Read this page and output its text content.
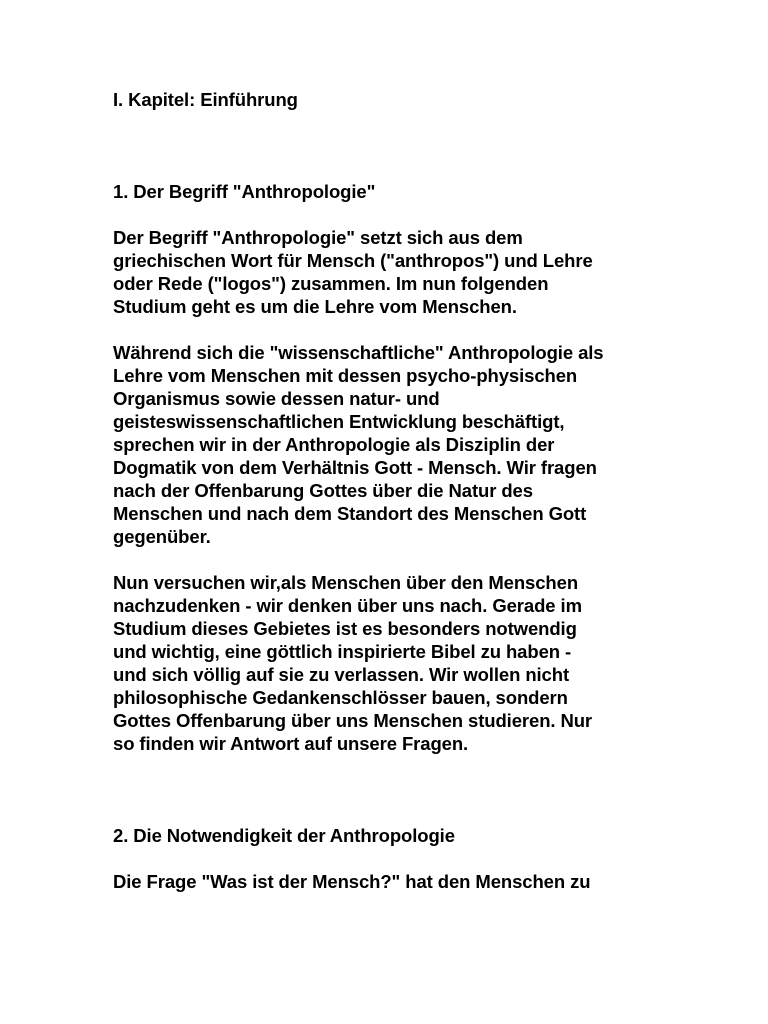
I. Kapitel: Einführung
1. Der Begriff "Anthropologie"
Der Begriff "Anthropologie" setzt sich aus dem
griechischen Wort für Mensch ("anthropos") und Lehre
oder Rede ("logos") zusammen. Im nun folgenden
Studium geht es um die Lehre vom Menschen.
Während sich die "wissenschaftliche" Anthropologie als
Lehre vom Menschen mit dessen psycho-physischen
Organismus sowie dessen natur- und
geisteswissenschaftlichen Entwicklung beschäftigt,
sprechen wir in der Anthropologie als Disziplin der
Dogmatik von dem Verhältnis Gott - Mensch. Wir fragen
nach der Offenbarung Gottes über die Natur des
Menschen und nach dem Standort des Menschen Gott
gegenüber.
Nun versuchen wir,als Menschen über den Menschen
nachzudenken - wir denken über uns nach. Gerade im
Studium dieses Gebietes ist es besonders notwendig
und wichtig, eine göttlich inspirierte Bibel zu haben -
und sich völlig auf sie zu verlassen. Wir wollen nicht
philosophische Gedankenschlösser bauen, sondern
Gottes Offenbarung über uns Menschen studieren. Nur
so finden wir Antwort auf unsere Fragen.
2. Die Notwendigkeit der Anthropologie
Die Frage "Was ist der Mensch?" hat den Menschen zu
